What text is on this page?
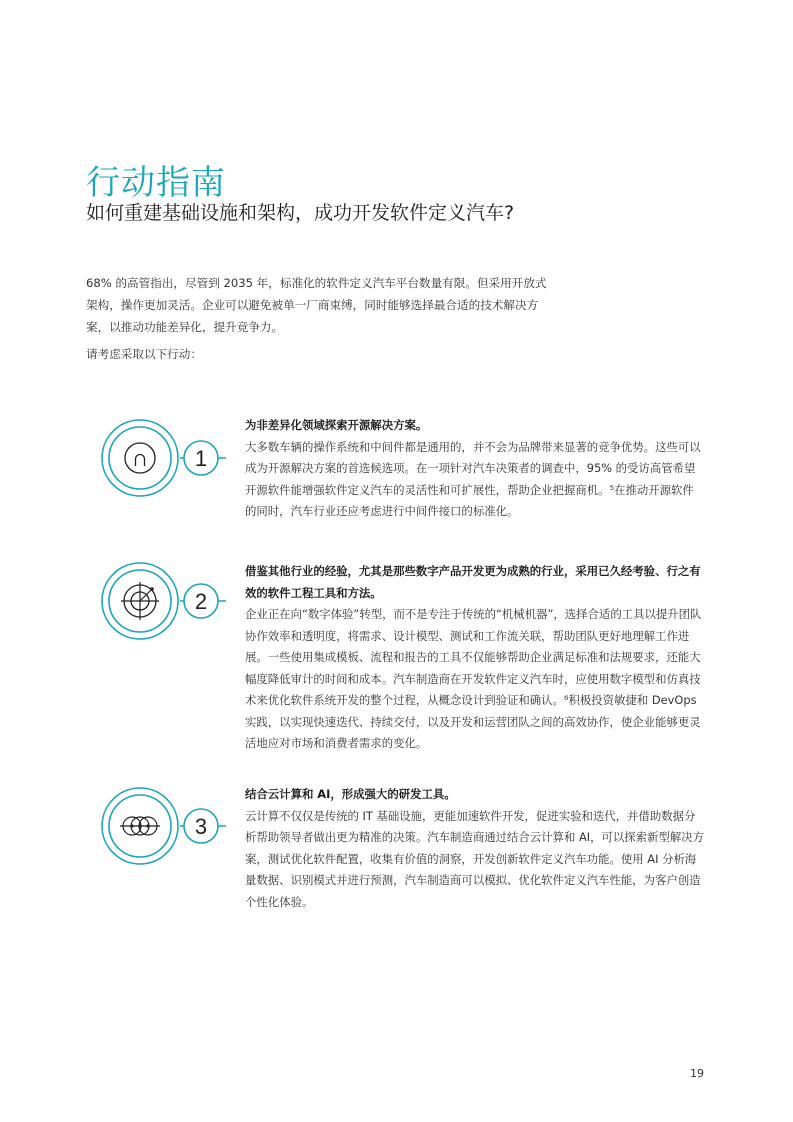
行动指南
如何重建基础设施和架构，成功开发软件定义汽车?

68% 的高管指出，尽管到 2035 年，标准化的软件定义汽车平台数量有限。但采用开放式架构，操作更加灵活。企业可以避免被单一厂商束缚，同时能够选择最合适的技术解决方案，以推动功能差异化，提升竞争力。

请考虑采取以下行动：

1

为非差异化领域探索开源解决方案。

大多数车辆的操作系统和中间件都是通用的，并不会为品牌带来显著的竞争优势。这些可以成为开源解决方案的首选候选项。在一项针对汽车决策者的调查中，95% 的受访高管希望开源软件能增强软件定义汽车的灵活性和可扩展性，帮助企业把握商机。⁵在推动开源软件的同时，汽车行业还应考虑进行中间件接口的标准化。

2

借鉴其他行业的经验，尤其是那些数字产品开发更为成熟的行业，采用已久经考验、行之有效的软件工程工具和方法。

企业正在向“数字体验”转型，而不是专注于传统的“机械机器”，选择合适的工具以提升团队协作效率和透明度，将需求、设计模型、测试和工作流关联，帮助团队更好地理解工作进展。一些使用集成模板、流程和报告的工具不仅能够帮助企业满足标准和法规要求，还能大幅度降低审计的时间和成本。汽车制造商在开发软件定义汽车时，应使用数字模型和仿真技术来优化软件系统开发的整个过程，从概念设计到验证和确认。⁶积极投资敏捷和 DevOps 实践，以实现快速迭代、持续交付，以及开发和运营团队之间的高效协作，使企业能够更灵活地应对市场和消费者需求的变化。

3

结合云计算和 AI，形成强大的研发工具。

云计算不仅仅是传统的 IT 基础设施，更能加速软件开发，促进实验和迭代，并借助数据分析帮助领导者做出更为精准的决策。汽车制造商通过结合云计算和 AI，可以探索新型解决方案，测试优化软件配置，收集有价值的洞察，开发创新软件定义汽车功能。使用 AI 分析海量数据、识别模式并进行预测，汽车制造商可以模拟、优化软件定义汽车性能，为客户创造个性化体验。

19
